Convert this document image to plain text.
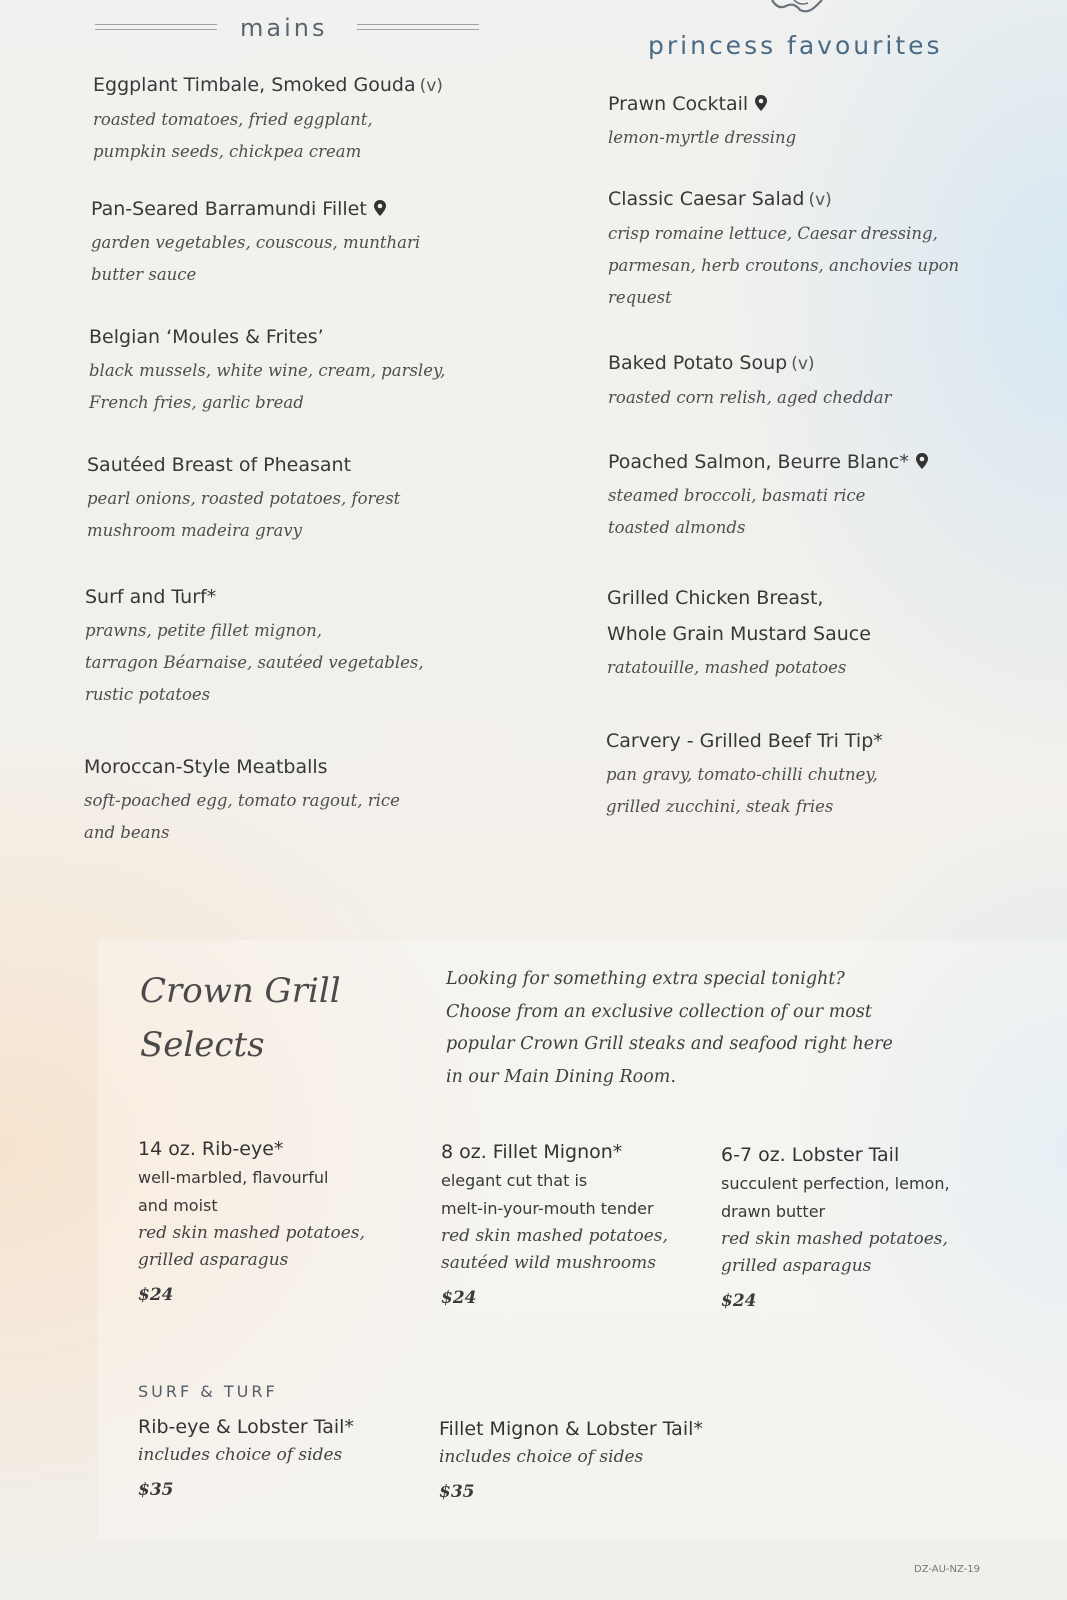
mains
Eggplant Timbale, Smoked Gouda (v)
roasted tomatoes, fried eggplant,
pumpkin seeds, chickpea cream
Pan-Seared Barramundi Fillet
garden vegetables, couscous, munthari
butter sauce
Belgian ‘Moules & Frites’
black mussels, white wine, cream, parsley,
French fries, garlic bread
Sautéed Breast of Pheasant
pearl onions, roasted potatoes, forest
mushroom madeira gravy
Surf and Turf*
prawns, petite fillet mignon,
tarragon Béarnaise, sautéed vegetables,
rustic potatoes
Moroccan-Style Meatballs
soft-poached egg, tomato ragout, rice
and beans
princess favourites
Prawn Cocktail
lemon-myrtle dressing
Classic Caesar Salad (v)
crisp romaine lettuce, Caesar dressing,
parmesan, herb croutons, anchovies upon
request
Baked Potato Soup (v)
roasted corn relish, aged cheddar
Poached Salmon, Beurre Blanc*
steamed broccoli, basmati rice
toasted almonds
Grilled Chicken Breast,
Whole Grain Mustard Sauce
ratatouille, mashed potatoes
Carvery - Grilled Beef Tri Tip*
pan gravy, tomato-chilli chutney,
grilled zucchini, steak fries
Crown Grill
Selects
Looking for something extra special tonight?
Choose from an exclusive collection of our most
popular Crown Grill steaks and seafood right here
in our Main Dining Room.
14 oz. Rib-eye*
well-marbled, flavourful
and moist
red skin mashed potatoes,
grilled asparagus
$24
8 oz. Fillet Mignon*
elegant cut that is
melt-in-your-mouth tender
red skin mashed potatoes,
sautéed wild mushrooms
$24
6-7 oz. Lobster Tail
succulent perfection, lemon,
drawn butter
red skin mashed potatoes,
grilled asparagus
$24
SURF & TURF
Rib-eye & Lobster Tail*
includes choice of sides
$35
Fillet Mignon & Lobster Tail*
includes choice of sides
$35
DZ-AU-NZ-19
